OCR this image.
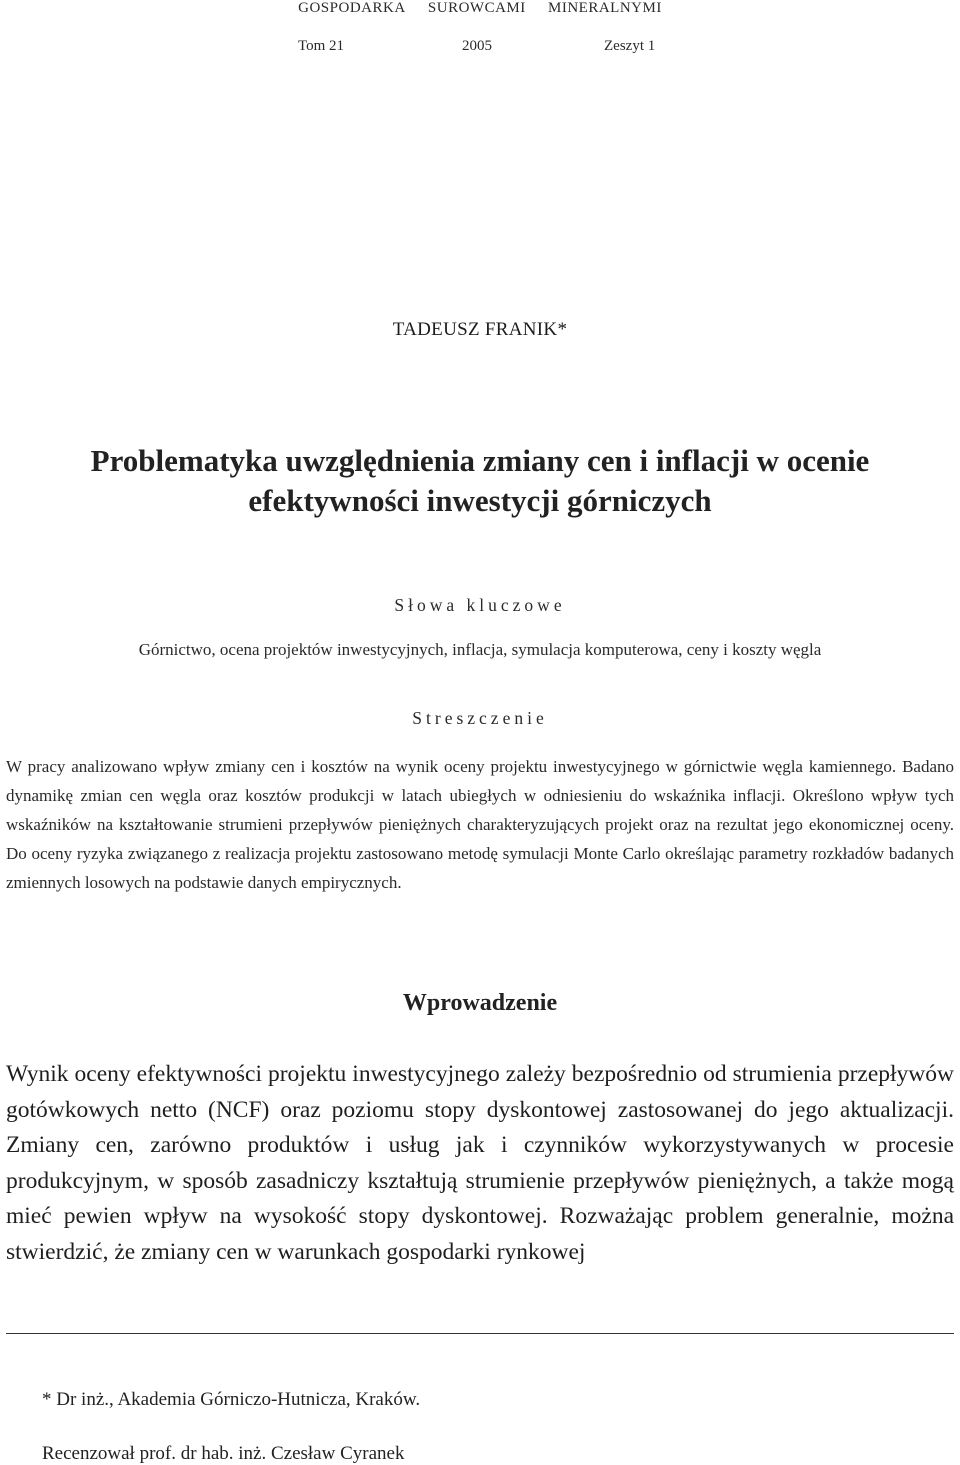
GOSPODARKA SUROWCAMI MINERALNYMI
Tom 21	2005	Zeszyt 1
TADEUSZ FRANIK*
Problematyka uwzględnienia zmiany cen i inflacji w ocenie
efektywności inwestycji górniczych
Słowa kluczowe
Górnictwo, ocena projektów inwestycyjnych, inflacja, symulacja komputerowa, ceny i koszty węgla
Streszczenie

W pracy analizowano wpływ zmiany cen i kosztów na wynik oceny projektu inwestycyjnego w górnictwie węgla kamiennego. Badano dynamikę zmian cen węgla oraz kosztów produkcji w latach ubiegłych w odniesieniu do wskaźnika inflacji. Określono wpływ tych wskaźników na kształtowanie strumieni przepływów pieniężnych charakteryzujących projekt oraz na rezultat jego ekonomicznej oceny. Do oceny ryzyka związanego z realizacja projektu zastosowano metodę symulacji Monte Carlo określając parametry rozkładów badanych zmiennych losowych na podstawie danych empirycznych.

Wprowadzenie

Wynik oceny efektywności projektu inwestycyjnego zależy bezpośrednio od strumienia przepływów gotówkowych netto (NCF) oraz poziomu stopy dyskontowej zastosowanej do jego aktualizacji. Zmiany cen, zarówno produktów i usług jak i czynników wykorzystywanych w procesie produkcyjnym, w sposób zasadniczy kształtują strumienie przepływów pieniężnych, a także mogą mieć pewien wpływ na wysokość stopy dyskontowej. Rozważając problem generalnie, można stwierdzić, że zmiany cen w warunkach gospodarki rynkowej

* Dr inż., Akademia Górniczo-Hutnicza, Kraków.
Recenzował prof. dr hab. inż. Czesław Cyranek
